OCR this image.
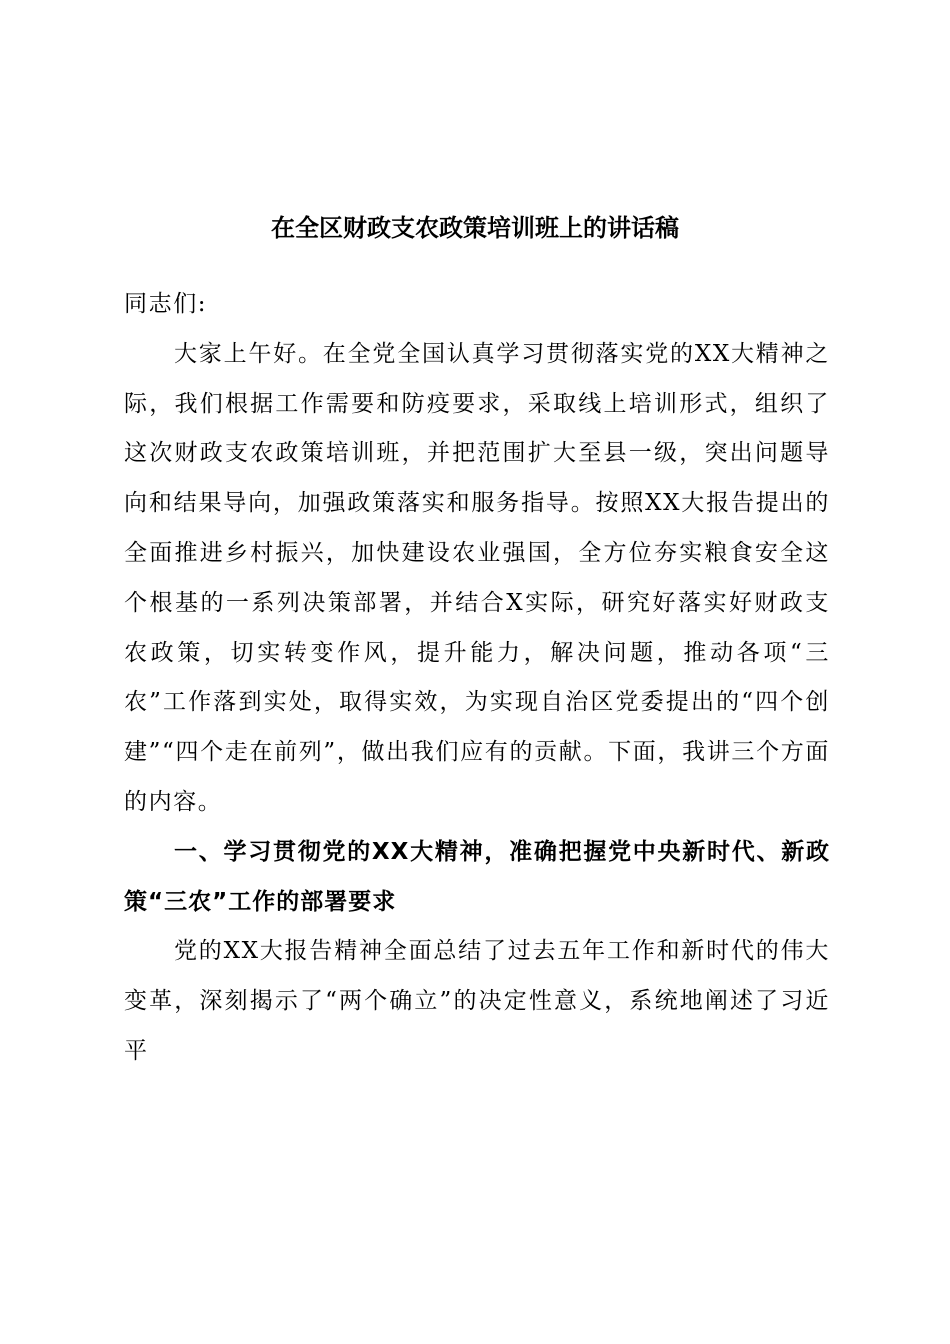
在全区财政支农政策培训班上的讲话稿

同志们:

大家上午好。在全党全国认真学习贯彻落实党的XX大精神之际，我们根据工作需要和防疫要求，采取线上培训形式，组织了这次财政支农政策培训班，并把范围扩大至县一级，突出问题导向和结果导向，加强政策落实和服务指导。按照XX大报告提出的全面推进乡村振兴，加快建设农业强国，全方位夯实粮食安全这个根基的一系列决策部署，并结合X实际，研究好落实好财政支农政策，切实转变作风，提升能力，解决问题，推动各项“三农”工作落到实处，取得实效，为实现自治区党委提出的“四个创建”“四个走在前列”，做出我们应有的贡献。下面，我讲三个方面的内容。

一、学习贯彻党的XX大精神，准确把握党中央新时代、新政策“三农”工作的部署要求

党的XX大报告精神全面总结了过去五年工作和新时代的伟大变革，深刻揭示了“两个确立”的决定性意义，系统地阐述了习近平
